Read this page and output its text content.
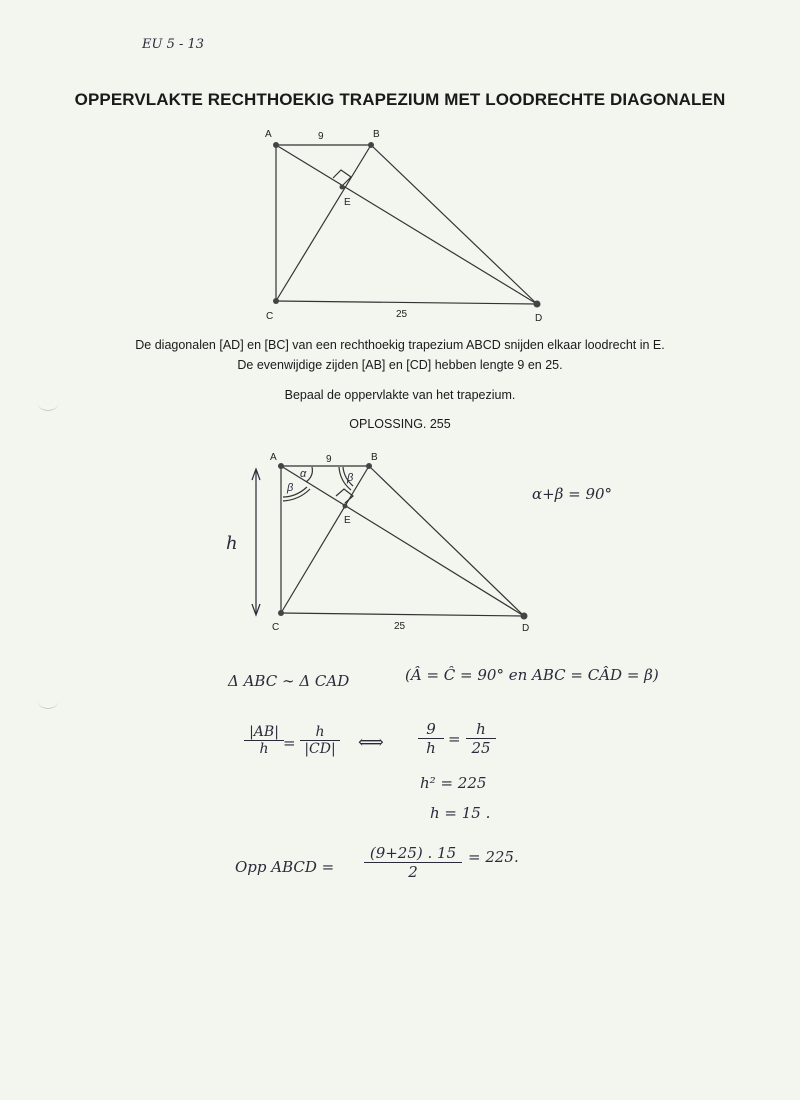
EU 5 - 13
OPPERVLAKTE RECHTHOEKIG TRAPEZIUM MET LOODRECHTE DIAGONALEN
A	B
C	D
E
9
25
De diagonalen [AD] en [BC] van een rechthoekig trapezium ABCD snijden elkaar loodrecht in E.
De evenwijdige zijden [AB] en [CD] hebben lengte 9 en 25.
Bepaal de oppervlakte van het trapezium.
OPLOSSING. 255
A	B
C	D
E
9
25
α
β
β
h
α+β = 90°
Δ ABC ∼ Δ CAD	(Â = Ĉ = 90° en ABC = CÂD = β)
$\frac{|AB|}{h} = \frac{h}{|CD|}$ ⟺ $\frac{9}{h} = \frac{h}{25}$
h² = 225
h = 15 .
Opp ABCD = $\frac{(9+25) . 15}{2} = 225$.
